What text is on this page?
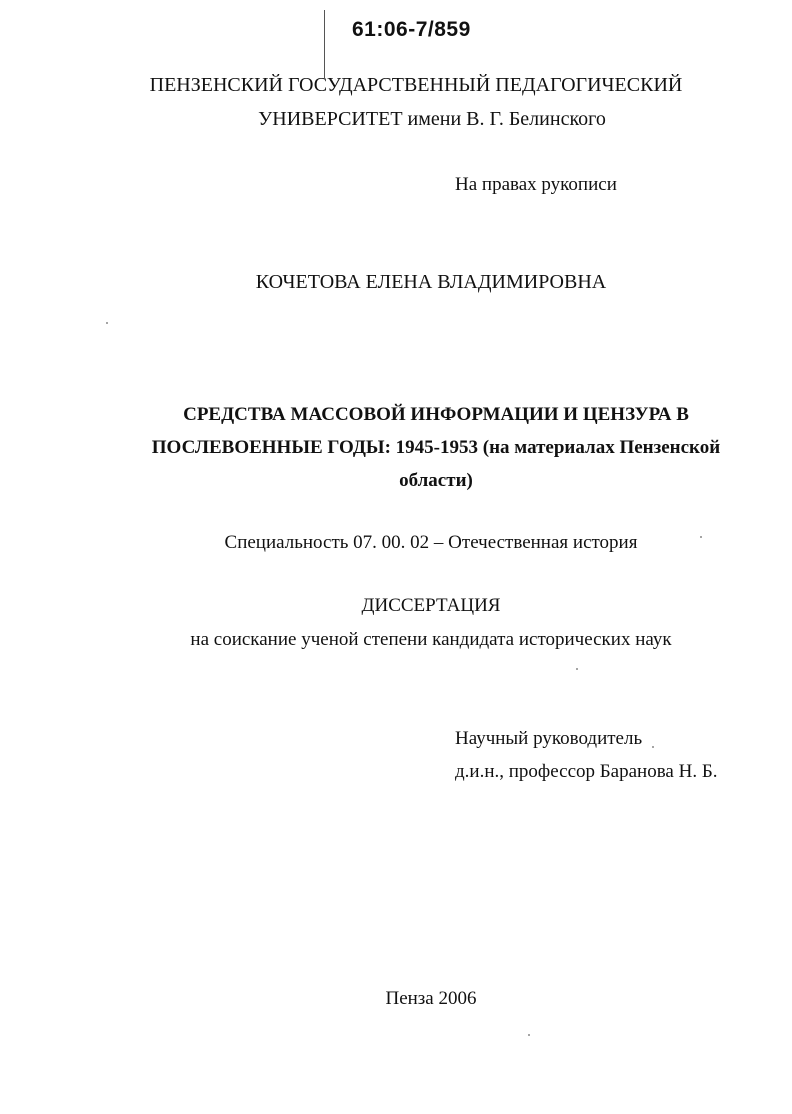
61:06-7/859
ПЕНЗЕНСКИЙ ГОСУДАРСТВЕННЫЙ ПЕДАГОГИЧЕСКИЙ
УНИВЕРСИТЕТ имени В. Г. Белинского
На правах рукописи
КОЧЕТОВА ЕЛЕНА ВЛАДИМИРОВНА
СРЕДСТВА МАССОВОЙ ИНФОРМАЦИИ И ЦЕНЗУРА В
ПОСЛЕВОЕННЫЕ ГОДЫ: 1945-1953 (на материалах Пензенской
области)
Специальность 07. 00. 02 – Отечественная история
ДИССЕРТАЦИЯ
на соискание ученой степени кандидата исторических наук
Научный руководитель
д.и.н., профессор Баранова Н. Б.
Пенза 2006
